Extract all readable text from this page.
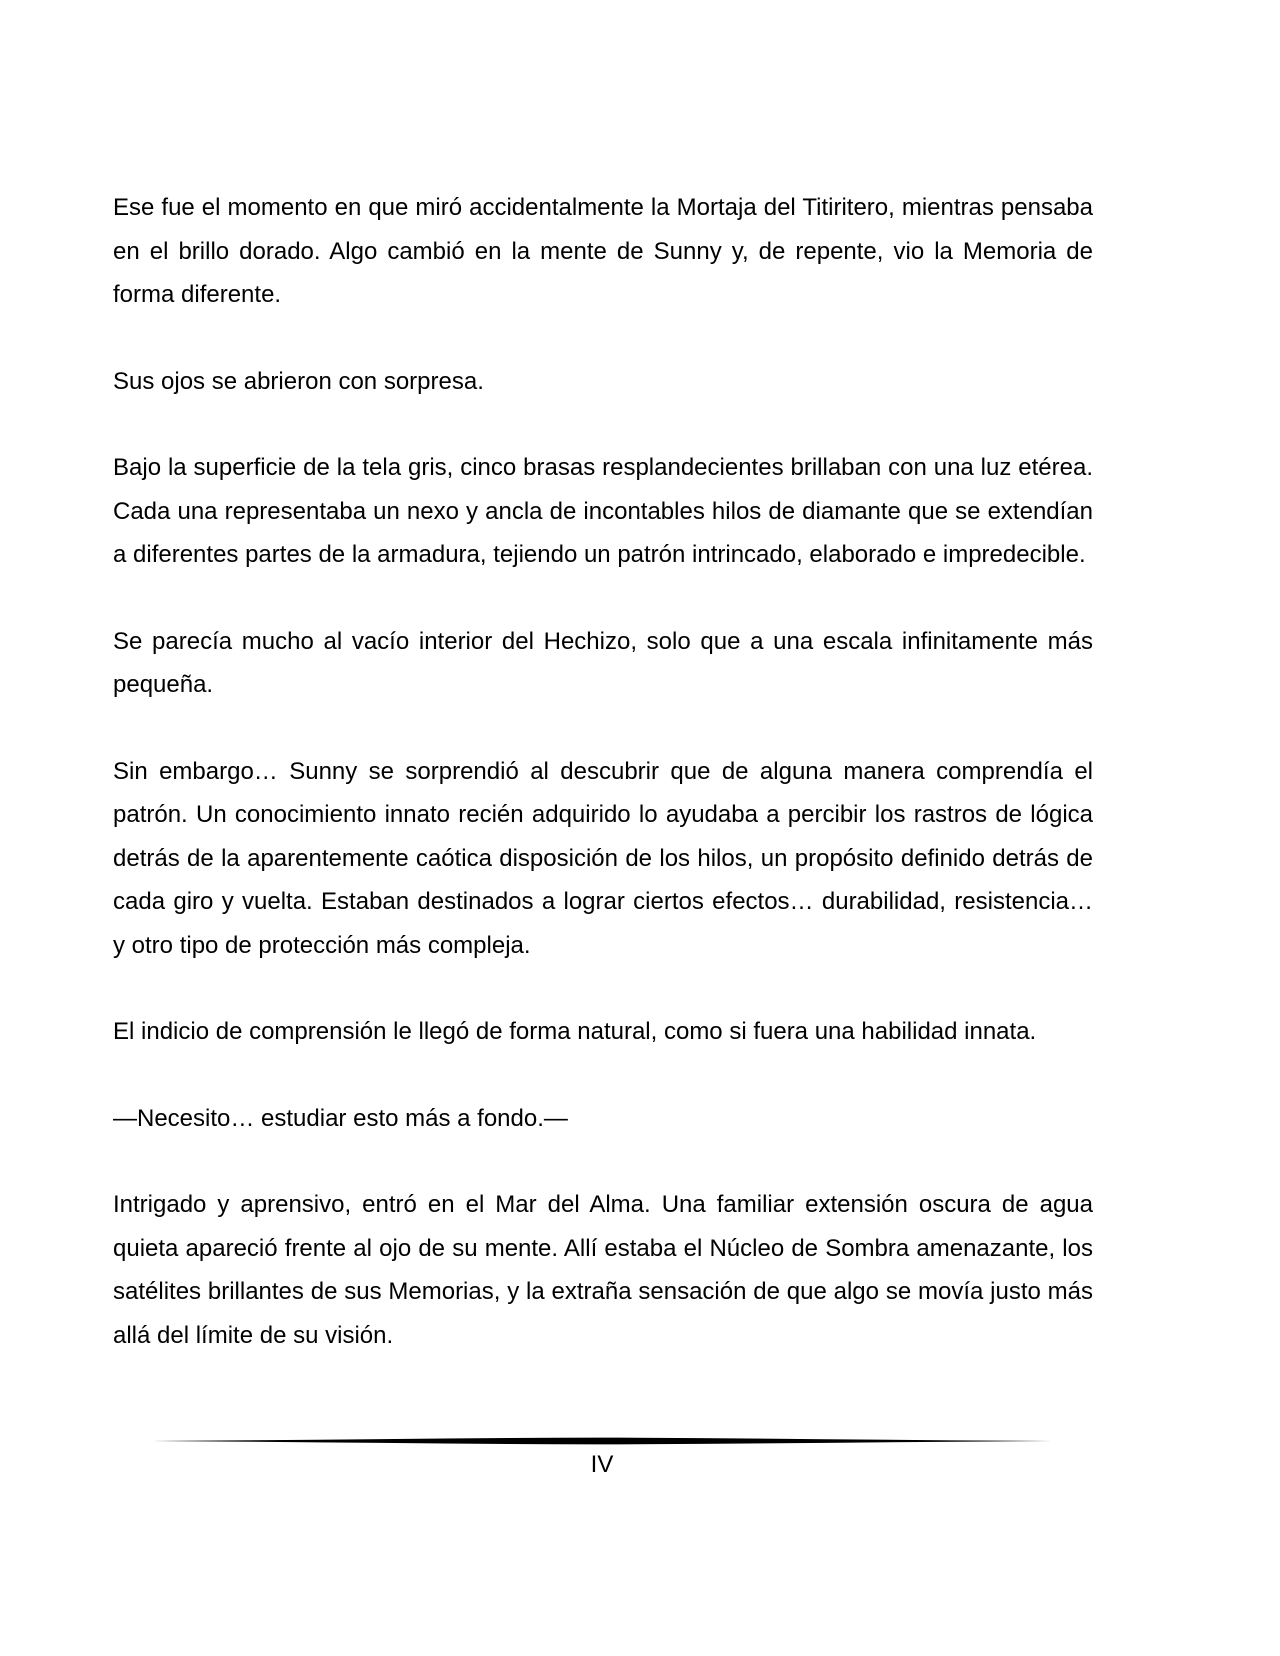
Ese fue el momento en que miró accidentalmente la Mortaja del Titiritero, mientras pensaba en el brillo dorado. Algo cambió en la mente de Sunny y, de repente, vio la Memoria de forma diferente.

Sus ojos se abrieron con sorpresa.

Bajo la superficie de la tela gris, cinco brasas resplandecientes brillaban con una luz etérea. Cada una representaba un nexo y ancla de incontables hilos de diamante que se extendían a diferentes partes de la armadura, tejiendo un patrón intrincado, elaborado e impredecible.

Se parecía mucho al vacío interior del Hechizo, solo que a una escala infinitamente más pequeña.

Sin embargo… Sunny se sorprendió al descubrir que de alguna manera comprendía el patrón. Un conocimiento innato recién adquirido lo ayudaba a percibir los rastros de lógica detrás de la aparentemente caótica disposición de los hilos, un propósito definido detrás de cada giro y vuelta. Estaban destinados a lograr ciertos efectos… durabilidad, resistencia… y otro tipo de protección más compleja.

El indicio de comprensión le llegó de forma natural, como si fuera una habilidad innata.

—Necesito… estudiar esto más a fondo.—

Intrigado y aprensivo, entró en el Mar del Alma. Una familiar extensión oscura de agua quieta apareció frente al ojo de su mente. Allí estaba el Núcleo de Sombra amenazante, los satélites brillantes de sus Memorias, y la extraña sensación de que algo se movía justo más allá del límite de su visión.

IV
